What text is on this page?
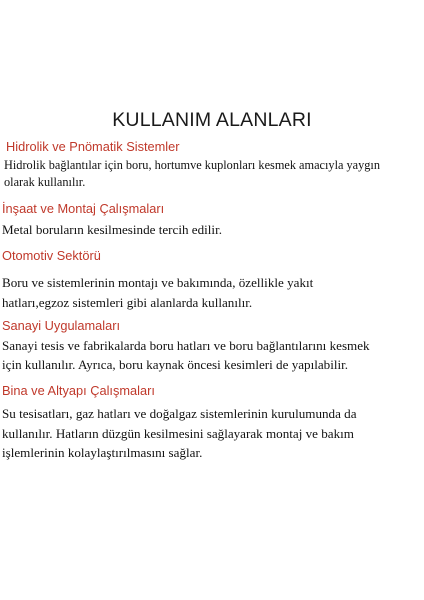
KULLANIM ALANLARI
Hidrolik ve Pnömatik Sistemler
Hidrolik bağlantılar için boru, hortumve kuplonları kesmek amacıyla yaygın
olarak kullanılır.
İnşaat ve Montaj Çalışmaları
Metal boruların kesilmesinde tercih edilir.
Otomotiv Sektörü
Boru ve sistemlerinin montajı ve bakımında, özellikle yakıt
hatları,egzoz sistemleri gibi alanlarda kullanılır.
Sanayi Uygulamaları
Sanayi tesis ve fabrikalarda boru hatları ve boru bağlantılarını kesmek
için kullanılır. Ayrıca, boru kaynak öncesi kesimleri de yapılabilir.
Bina ve Altyapı Çalışmaları
Su tesisatları, gaz hatları ve doğalgaz sistemlerinin kurulumunda da
kullanılır. Hatların düzgün kesilmesini sağlayarak montaj ve bakım
işlemlerinin kolaylaştırılmasını sağlar.
